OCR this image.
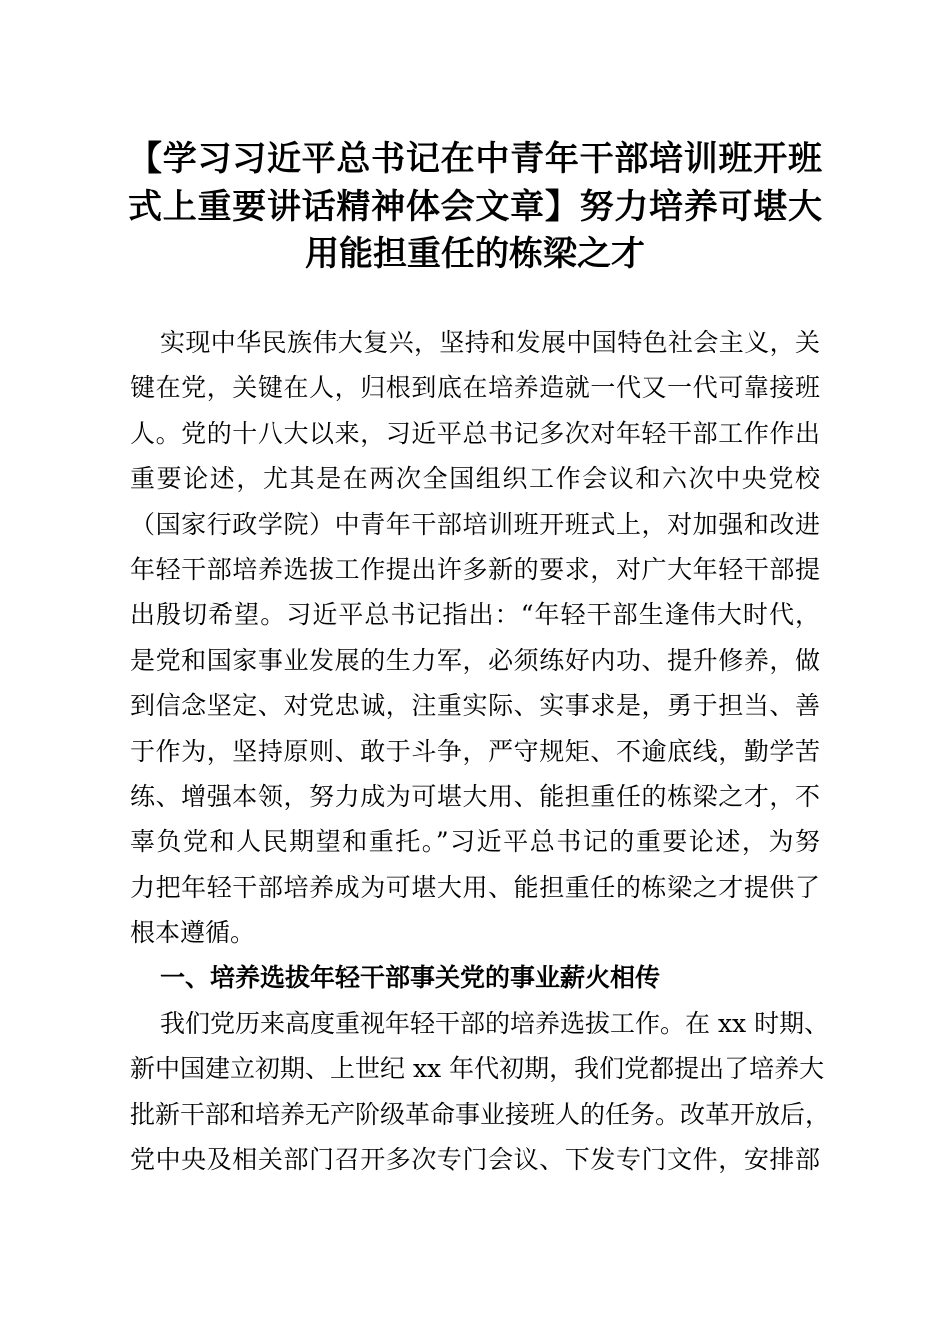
【学习习近平总书记在中青年干部培训班开班
式上重要讲话精神体会文章】努力培养可堪大
用能担重任的栋梁之才
实现中华民族伟大复兴，坚持和发展中国特色社会主义，关
键在党，关键在人，归根到底在培养造就一代又一代可靠接班
人。党的十八大以来，习近平总书记多次对年轻干部工作作出
重要论述，尤其是在两次全国组织工作会议和六次中央党校
（国家行政学院）中青年干部培训班开班式上，对加强和改进
年轻干部培养选拔工作提出许多新的要求，对广大年轻干部提
出殷切希望。习近平总书记指出：“年轻干部生逢伟大时代，
是党和国家事业发展的生力军，必须练好内功、提升修养，做
到信念坚定、对党忠诚，注重实际、实事求是，勇于担当、善
于作为，坚持原则、敢于斗争，严守规矩、不逾底线，勤学苦
练、增强本领，努力成为可堪大用、能担重任的栋梁之才，不
辜负党和人民期望和重托。”习近平总书记的重要论述，为努
力把年轻干部培养成为可堪大用、能担重任的栋梁之才提供了
根本遵循。
一、培养选拔年轻干部事关党的事业薪火相传
我们党历来高度重视年轻干部的培养选拔工作。在 xx 时期、
新中国建立初期、上世纪 xx 年代初期，我们党都提出了培养大
批新干部和培养无产阶级革命事业接班人的任务。改革开放后，
党中央及相关部门召开多次专门会议、下发专门文件，安排部
